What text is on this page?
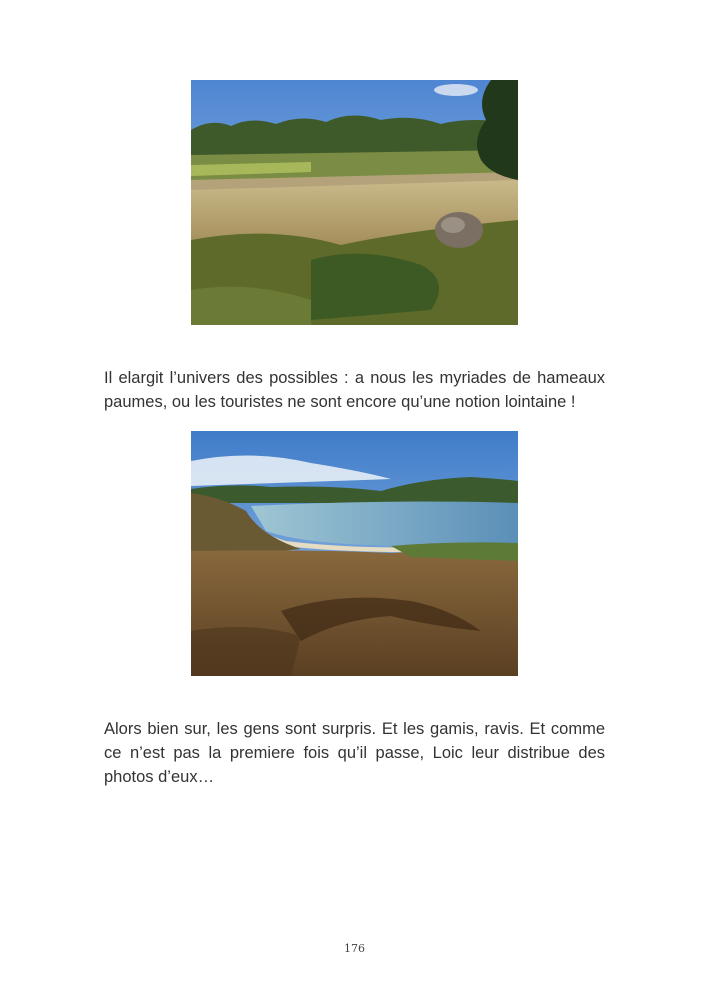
Il elargit l’univers des possibles : a nous les myriades de hameaux paumes, ou les touristes ne sont encore qu’une notion lointaine !

Alors bien sur, les gens sont surpris. Et les gamis, ravis. Et comme ce n’est pas la premiere fois qu’il passe, Loic leur distribue des photos d’eux…

176
